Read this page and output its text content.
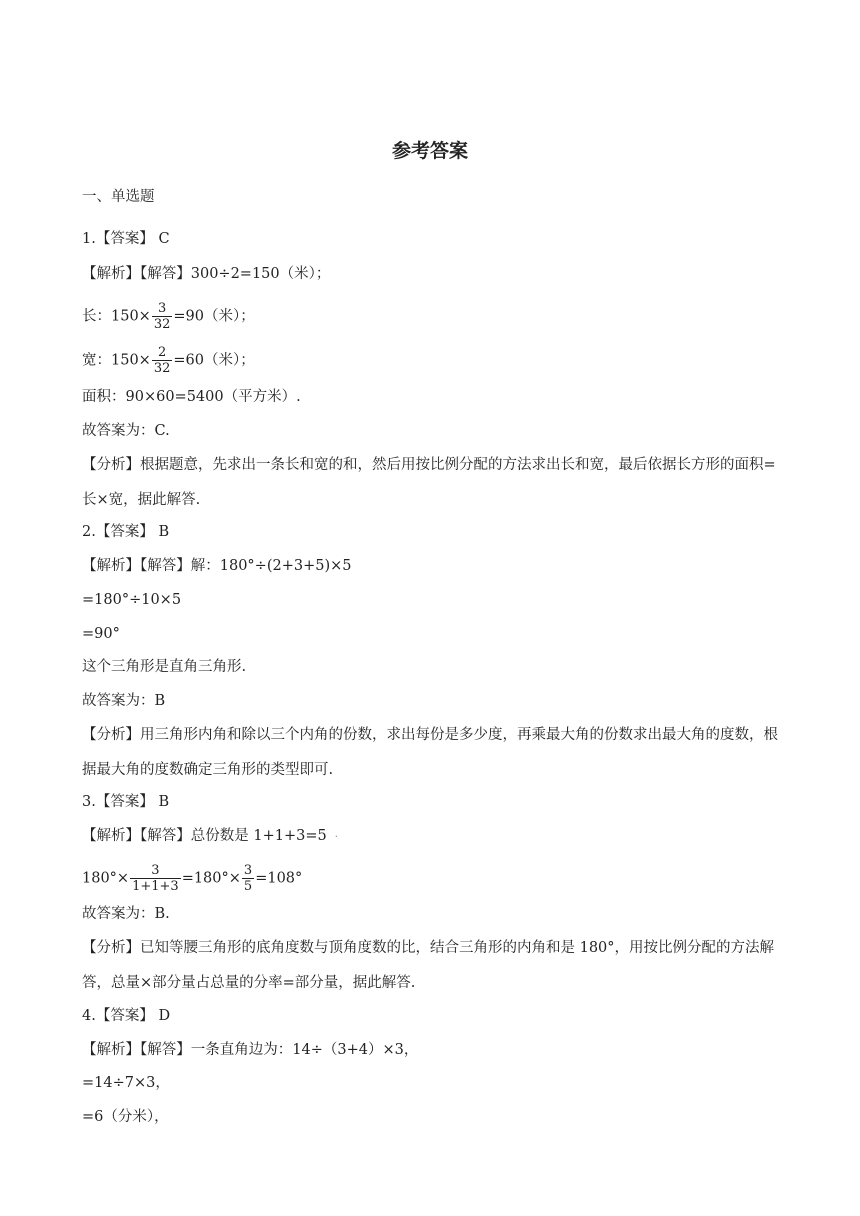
参考答案
一、单选题
1.【答案】 C
【解析】【解答】300÷2=150（米）；
长：$150\times \frac{3}{32} =90$（米）；
宽：$150\times \frac{2}{32} =60$（米）；
面积：90×60=5400（平方米）.
故答案为：C.
【分析】根据题意，先求出一条长和宽的和，然后用按比例分配的方法求出长和宽，最后依据长方形的面积=长×宽，据此解答.
2.【答案】 B
【解析】【解答】解：180°÷(2+3+5)×5
=180°÷10×5
=90°
这个三角形是直角三角形.
故答案为：B
【分析】用三角形内角和除以三个内角的份数，求出每份是多少度，再乘最大角的份数求出最大角的度数，根据最大角的度数确定三角形的类型即可.
3.【答案】 B
【解析】【解答】总份数是 1+1+3=5 ·
$180^\circ\times \frac{3}{1+1+3} =180^\circ\times \frac{3}{5} =108^\circ$
故答案为：B.
【分析】已知等腰三角形的底角度数与顶角度数的比，结合三角形的内角和是 180°，用按比例分配的方法解答，总量×部分量占总量的分率=部分量，据此解答.
4.【答案】 D
【解析】【解答】一条直角边为：14÷（3+4）×3，
=14÷7×3，
=6（分米），
